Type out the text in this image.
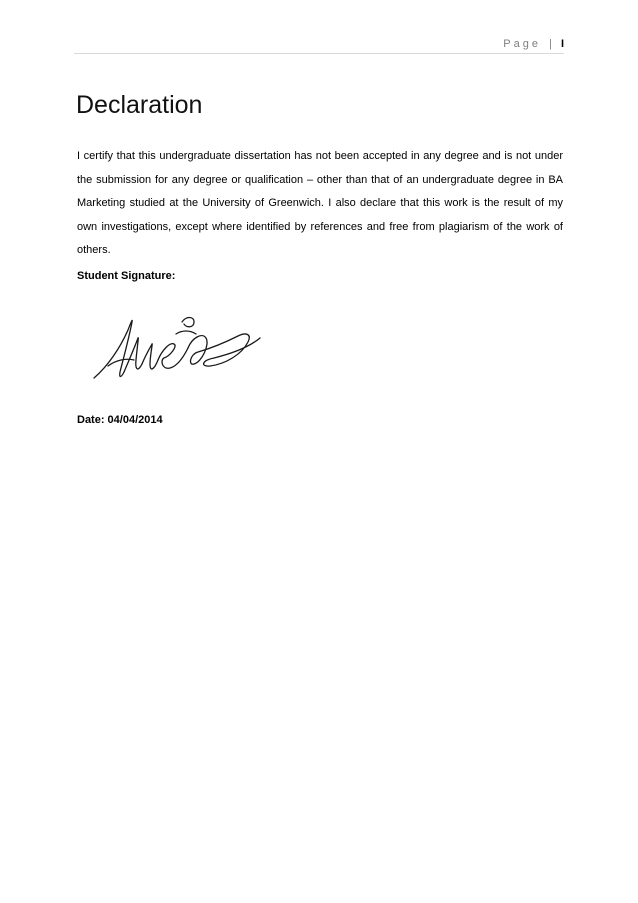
Page | I
Declaration

I certify that this undergraduate dissertation has not been accepted in any degree and is not under the submission for any degree or qualification – other than that of an undergraduate degree in BA Marketing studied at the University of Greenwich. I also declare that this work is the result of my own investigations, except where identified by references and free from plagiarism of the work of others.

Student Signature:

Date: 04/04/2014
